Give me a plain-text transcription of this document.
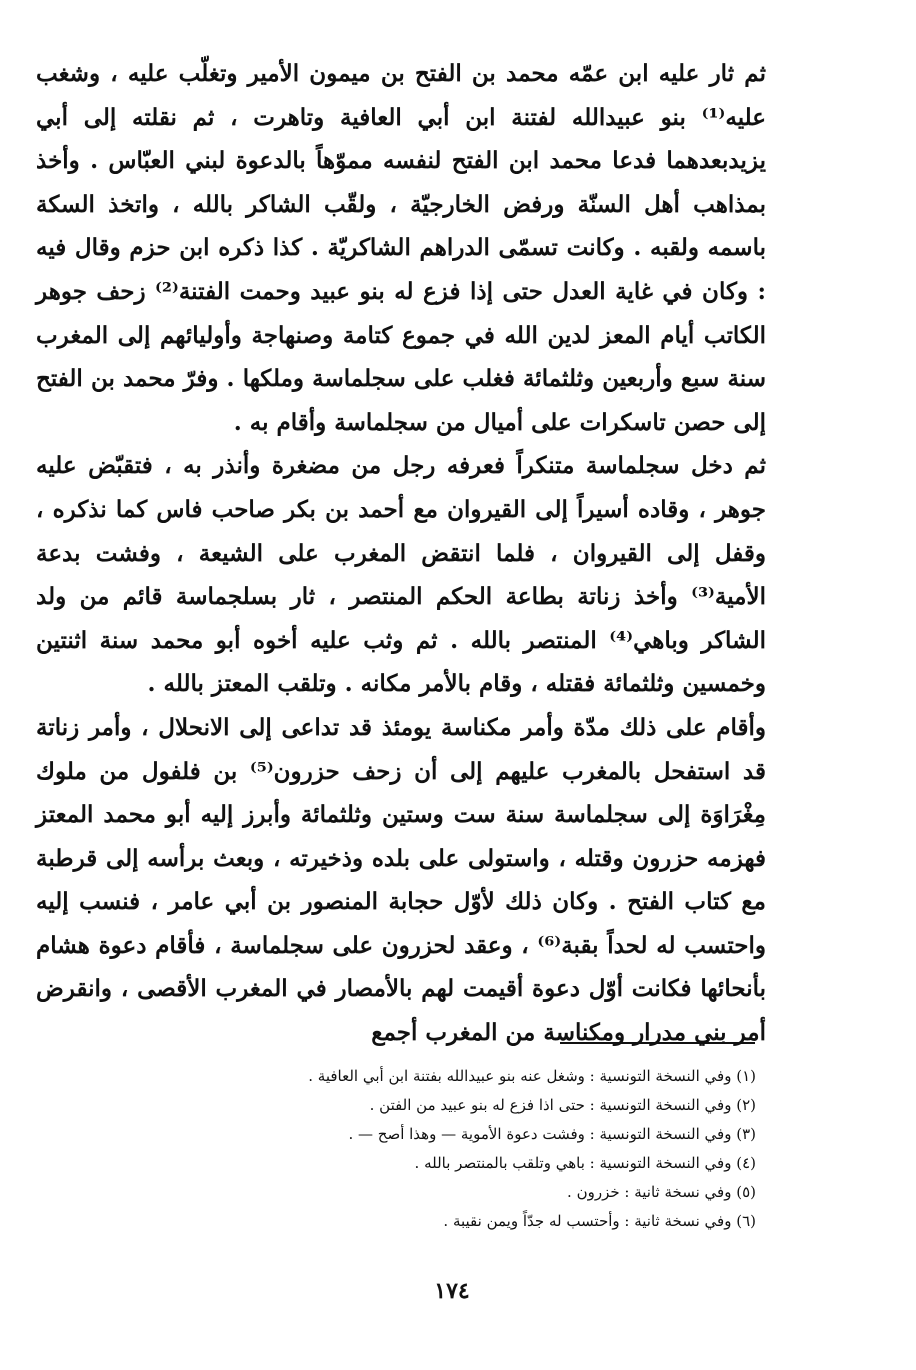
ثم ثار عليه ابن عمّه محمد بن الفتح بن ميمون الأمير وتغلّب عليه ، وشغب عليه⁽¹⁾ بنو عبيدالله لفتنة ابن أبي العافية وتاهرت ، ثم نقلته إلى أبي يزيدبعدهما فدعا محمد ابن الفتح لنفسه مموّهاً بالدعوة لبني العبّاس . وأخذ بمذاهب أهل السنّة ورفض الخارجيّة ، ولقّب الشاكر بالله ، واتخذ السكة باسمه ولقبه . وكانت تسمّى الدراهم الشاكريّة . كذا ذكره ابن حزم وقال فيه : وكان في غاية العدل حتى إذا فزع له بنو عبيد وحمت الفتنة⁽²⁾ زحف جوهر الكاتب أيام المعز لدين الله في جموع كتامة وصنهاجة وأوليائهم إلى المغرب سنة سبع وأربعين وثلثمائة فغلب على سجلماسة وملكها . وفرّ محمد بن الفتح إلى حصن تاسكرات على أميال من سجلماسة وأقام به .

ثم دخل سجلماسة متنكراً فعرفه رجل من مضغرة وأنذر به ، فتقبّض عليه جوهر ، وقاده أسيراً إلى القيروان مع أحمد بن بكر صاحب فاس كما نذكره ، وقفل إلى القيروان ، فلما انتقض المغرب على الشيعة ، وفشت بدعة الأمية⁽³⁾ وأخذ زناتة بطاعة الحكم المنتصر ، ثار بسلجماسة قائم من ولد الشاكر وباهي⁽⁴⁾ المنتصر بالله . ثم وثب عليه أخوه أبو محمد سنة اثنتين وخمسين وثلثمائة فقتله ، وقام بالأمر مكانه . وتلقب المعتز بالله .

وأقام على ذلك مدّة وأمر مكناسة يومئذ قد تداعى إلى الانحلال ، وأمر زناتة قد استفحل بالمغرب عليهم إلى أن زحف حزرون⁽⁵⁾ بن فلفول من ملوك مِغْرَاوَة إلى سجلماسة سنة ست وستين وثلثمائة وأبرز إليه أبو محمد المعتز فهزمه حزرون وقتله ، واستولى على بلده وذخيرته ، وبعث برأسه إلى قرطبة مع كتاب الفتح . وكان ذلك لأوّل حجابة المنصور بن أبي عامر ، فنسب إليه واحتسب له لحداً بقبة⁽⁶⁾ ، وعقد لحزرون على سجلماسة ، فأقام دعوة هشام بأنحائها فكانت أوّل دعوة أقيمت لهم بالأمصار في المغرب الأقصى ، وانقرض أمر بني مدرار ومكناسة من المغرب أجمع

(١) وفي النسخة التونسية : وشغل عنه بنو عبيدالله بفتنة ابن أبي العافية .
(٢) وفي النسخة التونسية : حتى اذا فزع له بنو عبيد من الفتن .
(٣) وفي النسخة التونسية : وفشت دعوة الأموية — وهذا أصح — .
(٤) وفي النسخة التونسية : باهي وتلقب بالمنتصر بالله .
(٥) وفي نسخة ثانية : خزرون .
(٦) وفي نسخة ثانية : وأحتسب له جدّاً ويمن نقيبة .
١٧٤
